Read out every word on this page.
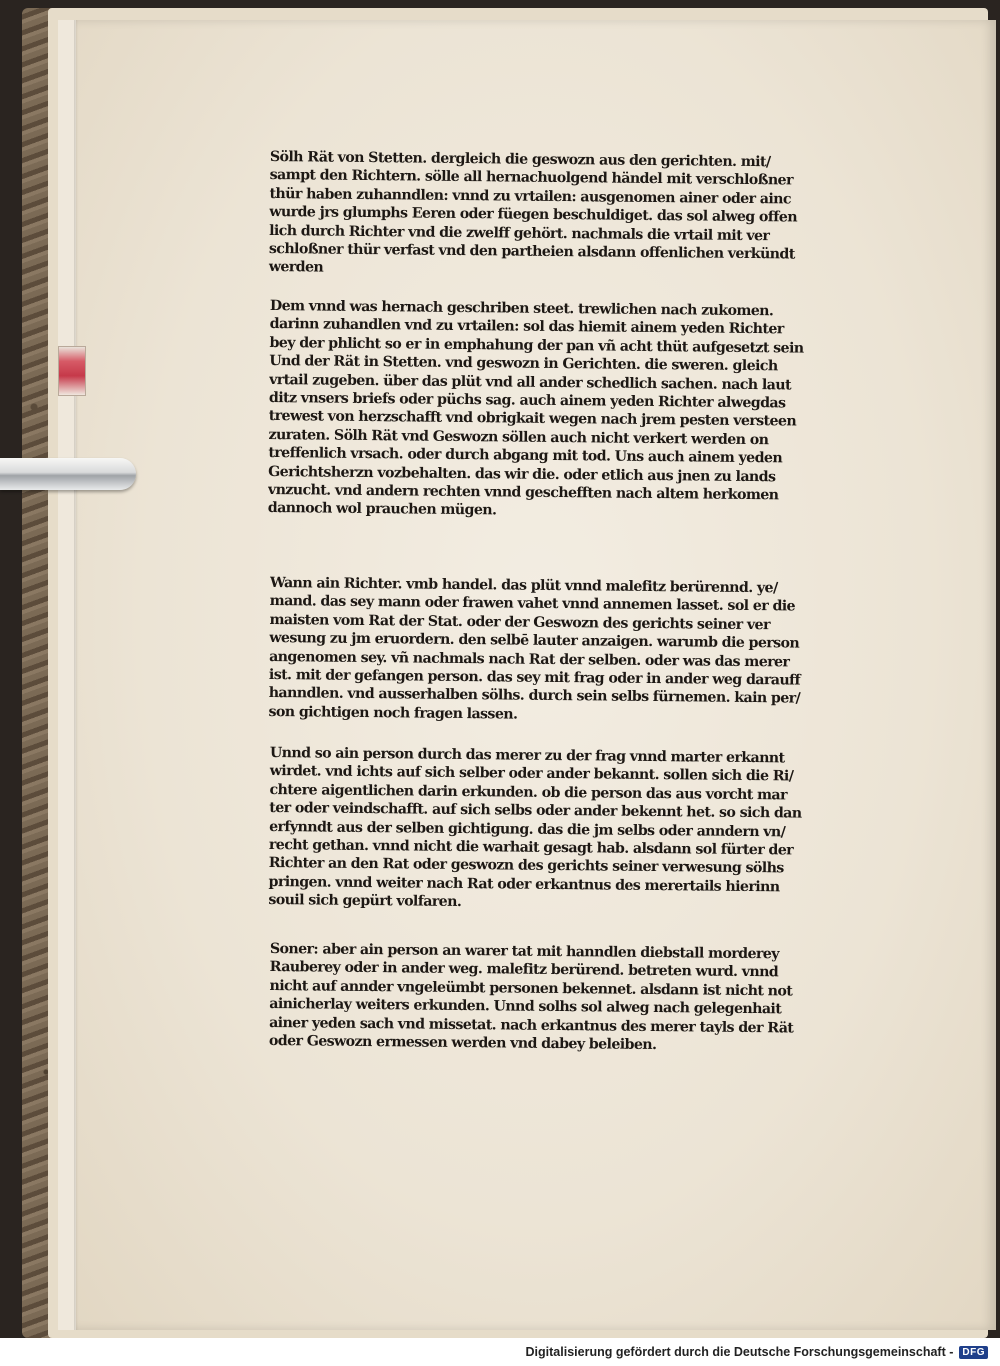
Sölh Rät von Stetten. dergleich die geswozn aus den gerichten. mit/

sampt den Richtern. sölle all hernachuolgend händel mit verschloßner

thür haben zuhanndlen: vnnd zu vrtailen: ausgenomen ainer oder ainc

wurde jrs glumphs Eeren oder füegen beschuldiget. das sol alweg offen

lich durch Richter vnd die zwelff gehört. nachmals die vrtail mit ver

schloßner thür verfast vnd den partheien alsdann offenlichen verkündt

werden

Dem vnnd was hernach geschriben steet. trewlichen nach zukomen.

darinn zuhandlen vnd zu vrtailen: sol das hiemit ainem yeden Richter

bey der phlicht so er in emphahung der pan vñ acht thüt aufgesetzt sein

Und der Rät in Stetten. vnd geswozn in Gerichten. die sweren. gleich

vrtail zugeben. über das plüt vnd all ander schedlich sachen. nach laut

ditz vnsers briefs oder püchs sag. auch ainem yeden Richter alwegdas

trewest von herzschafft vnd obrigkait wegen nach jrem pesten versteen

zuraten. Sölh Rät vnd Geswozn söllen auch nicht verkert werden on

treffenlich vrsach. oder durch abgang mit tod. Uns auch ainem yeden

Gerichtsherzn vozbehalten. das wir die. oder etlich aus jnen zu lands

vnzucht. vnd andern rechten vnnd geschefften nach altem herkomen

dannoch wol prauchen mügen.

Wann ain Richter. vmb handel. das plüt vnnd malefitz berürennd. ye/

mand. das sey mann oder frawen vahet vnnd annemen lasset. sol er die

maisten vom Rat der Stat. oder der Geswozn des gerichts seiner ver

wesung zu jm eruordern. den selbē lauter anzaigen. warumb die person

angenomen sey. vñ nachmals nach Rat der selben. oder was das merer

ist. mit der gefangen person. das sey mit frag oder in ander weg darauff

hanndlen. vnd ausserhalben sölhs. durch sein selbs fürnemen. kain per/

son gichtigen noch fragen lassen.

Unnd so ain person durch das merer zu der frag vnnd marter erkannt

wirdet. vnd ichts auf sich selber oder ander bekannt. sollen sich die Ri/

chtere aigentlichen darin erkunden. ob die person das aus vorcht mar

ter oder veindschafft. auf sich selbs oder ander bekennt het. so sich dan

erfynndt aus der selben gichtigung. das die jm selbs oder anndern vn/

recht gethan. vnnd nicht die warhait gesagt hab. alsdann sol fürter der

Richter an den Rat oder geswozn des gerichts seiner verwesung sölhs

pringen. vnnd weiter nach Rat oder erkantnus des merertails hierinn

souil sich gepürt volfaren.

Soner: aber ain person an warer tat mit hanndlen diebstall morderey

Rauberey oder in ander weg. malefitz berürend. betreten wurd. vnnd

nicht auf annder vngeleümbt personen bekennet. alsdann ist nicht not

ainicherlay weiters erkunden. Unnd solhs sol alweg nach gelegenhait

ainer yeden sach vnd missetat. nach erkantnus des merer tayls der Rät

oder Geswozn ermessen werden vnd dabey beleiben.

Digitalisierung gefördert durch die Deutsche Forschungsgemeinschaft - DFG
